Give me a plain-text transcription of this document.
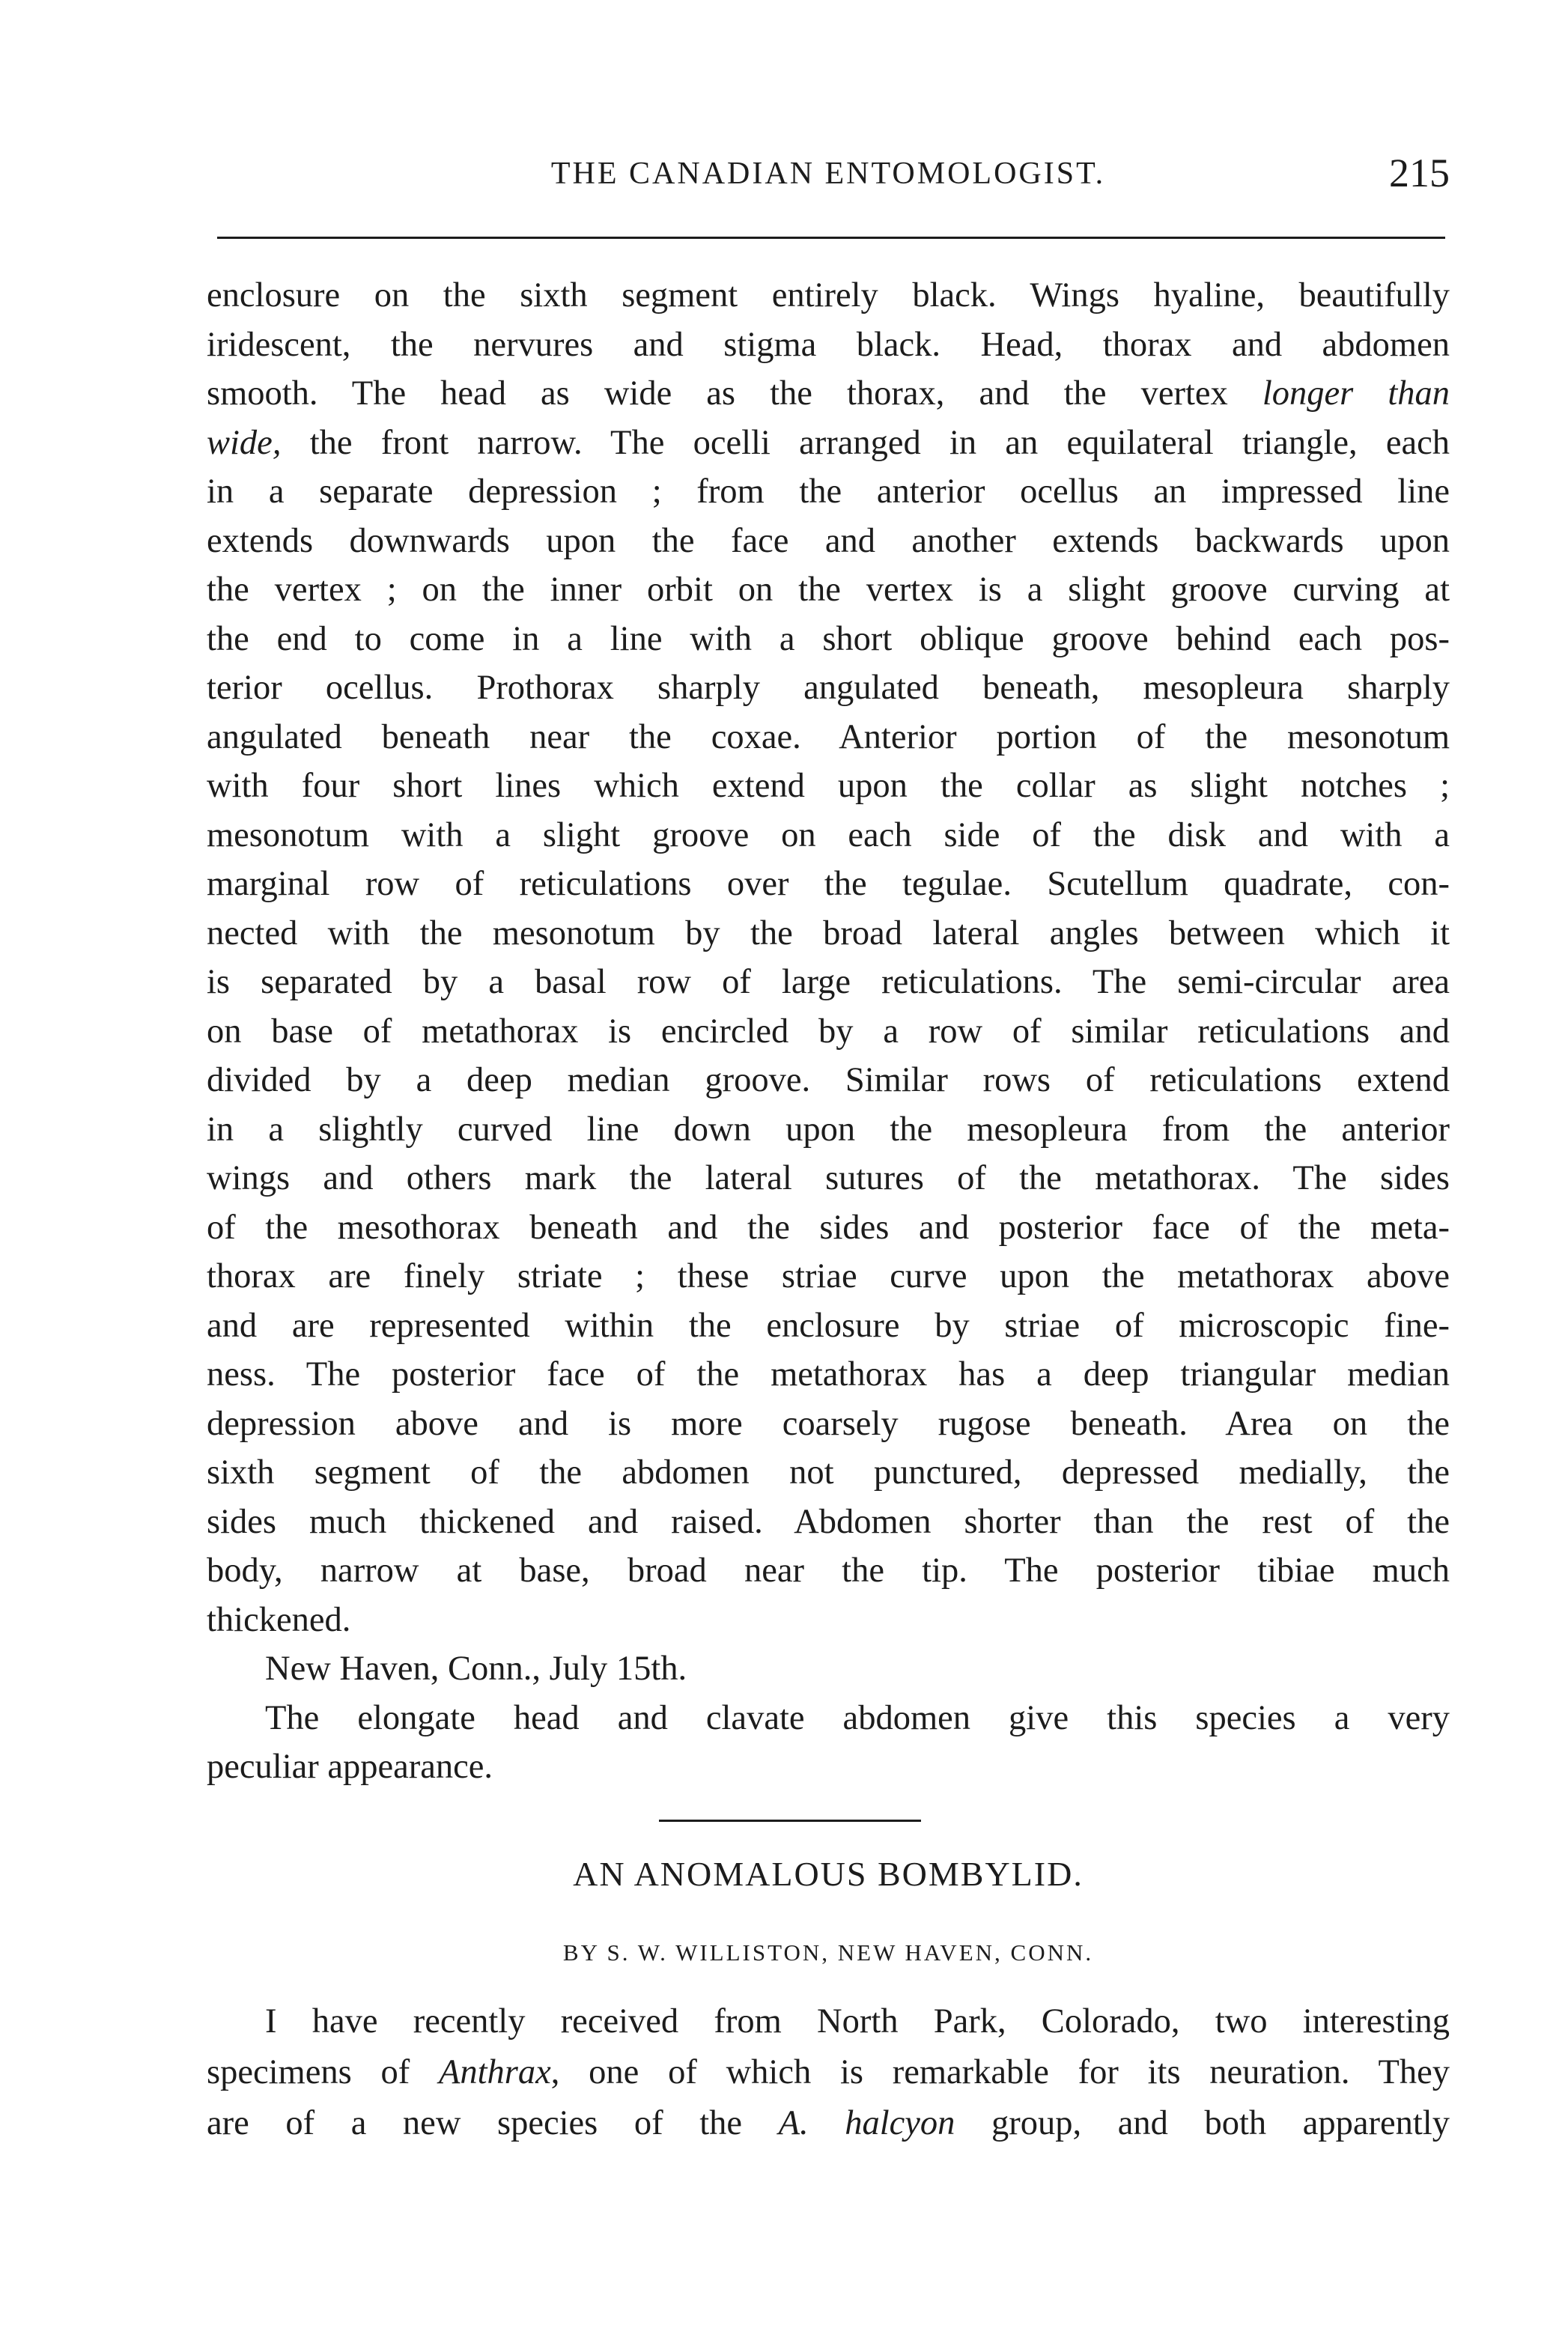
THE CANADIAN ENTOMOLOGIST.	215
enclosure on the sixth segment entirely black. Wings hyaline, beautifully
iridescent, the nervures and stigma black. Head, thorax and abdomen
smooth. The head as wide as the thorax, and the vertex longer than
wide, the front narrow. The ocelli arranged in an equilateral triangle, each
in a separate depression ; from the anterior ocellus an impressed line
extends downwards upon the face and another extends backwards upon
the vertex ; on the inner orbit on the vertex is a slight groove curving at
the end to come in a line with a short oblique groove behind each pos-
terior ocellus. Prothorax sharply angulated beneath, mesopleura sharply
angulated beneath near the coxae. Anterior portion of the mesonotum
with four short lines which extend upon the collar as slight notches ;
mesonotum with a slight groove on each side of the disk and with a
marginal row of reticulations over the tegulae. Scutellum quadrate, con-
nected with the mesonotum by the broad lateral angles between which it
is separated by a basal row of large reticulations. The semi-circular area
on base of metathorax is encircled by a row of similar reticulations and
divided by a deep median groove. Similar rows of reticulations extend
in a slightly curved line down upon the mesopleura from the anterior
wings and others mark the lateral sutures of the metathorax. The sides
of the mesothorax beneath and the sides and posterior face of the meta-
thorax are finely striate ; these striae curve upon the metathorax above
and are represented within the enclosure by striae of microscopic fine-
ness. The posterior face of the metathorax has a deep triangular median
depression above and is more coarsely rugose beneath. Area on the
sixth segment of the abdomen not punctured, depressed medially, the
sides much thickened and raised. Abdomen shorter than the rest of the
body, narrow at base, broad near the tip. The posterior tibiae much
thickened.
New Haven, Conn., July 15th.
The elongate head and clavate abdomen give this species a very
peculiar appearance.
AN ANOMALOUS BOMBYLID.
BY S. W. WILLISTON, NEW HAVEN, CONN.
I have recently received from North Park, Colorado, two interesting
specimens of Anthrax, one of which is remarkable for its neuration. They
are of a new species of the A. halcyon group, and both apparently
